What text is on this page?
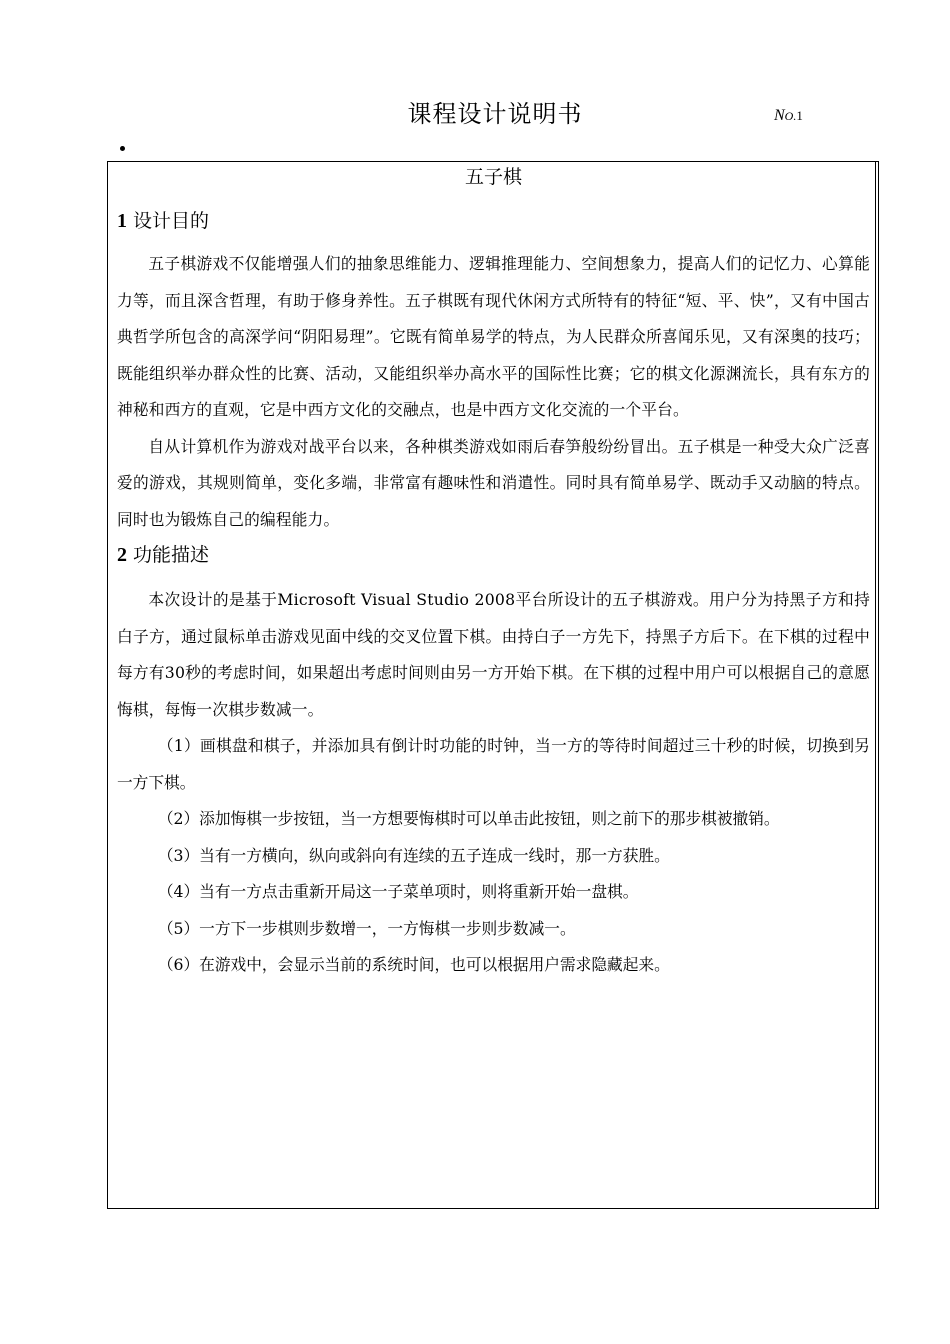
课程设计说明书	NO.1

五子棋

1 设计目的

五子棋游戏不仅能增强人们的抽象思维能力、逻辑推理能力、空间想象力，提高人们的记忆力、心算能力等，而且深含哲理，有助于修身养性。五子棋既有现代休闲方式所特有的特征“短、平、快”，又有中国古典哲学所包含的高深学问“阴阳易理”。它既有简单易学的特点，为人民群众所喜闻乐见，又有深奥的技巧；既能组织举办群众性的比赛、活动，又能组织举办高水平的国际性比赛；它的棋文化源渊流长，具有东方的神秘和西方的直观，它是中西方文化的交融点，也是中西方文化交流的一个平台。

自从计算机作为游戏对战平台以来，各种棋类游戏如雨后春笋般纷纷冒出。五子棋是一种受大众广泛喜爱的游戏，其规则简单，变化多端，非常富有趣味性和消遣性。同时具有简单易学、既动手又动脑的特点。同时也为锻炼自己的编程能力。

2 功能描述

本次设计的是基于Microsoft Visual Studio 2008平台所设计的五子棋游戏。用户分为持黑子方和持白子方，通过鼠标单击游戏见面中线的交叉位置下棋。由持白子一方先下，持黑子方后下。在下棋的过程中每方有30秒的考虑时间，如果超出考虑时间则由另一方开始下棋。在下棋的过程中用户可以根据自己的意愿悔棋，每悔一次棋步数减一。

（1）画棋盘和棋子，并添加具有倒计时功能的时钟，当一方的等待时间超过三十秒的时候，切换到另一方下棋。

（2）添加悔棋一步按钮，当一方想要悔棋时可以单击此按钮，则之前下的那步棋被撤销。

（3）当有一方横向，纵向或斜向有连续的五子连成一线时，那一方获胜。

（4）当有一方点击重新开局这一子菜单项时，则将重新开始一盘棋。

（5）一方下一步棋则步数增一，一方悔棋一步则步数减一。

（6）在游戏中，会显示当前的系统时间，也可以根据用户需求隐藏起来。
